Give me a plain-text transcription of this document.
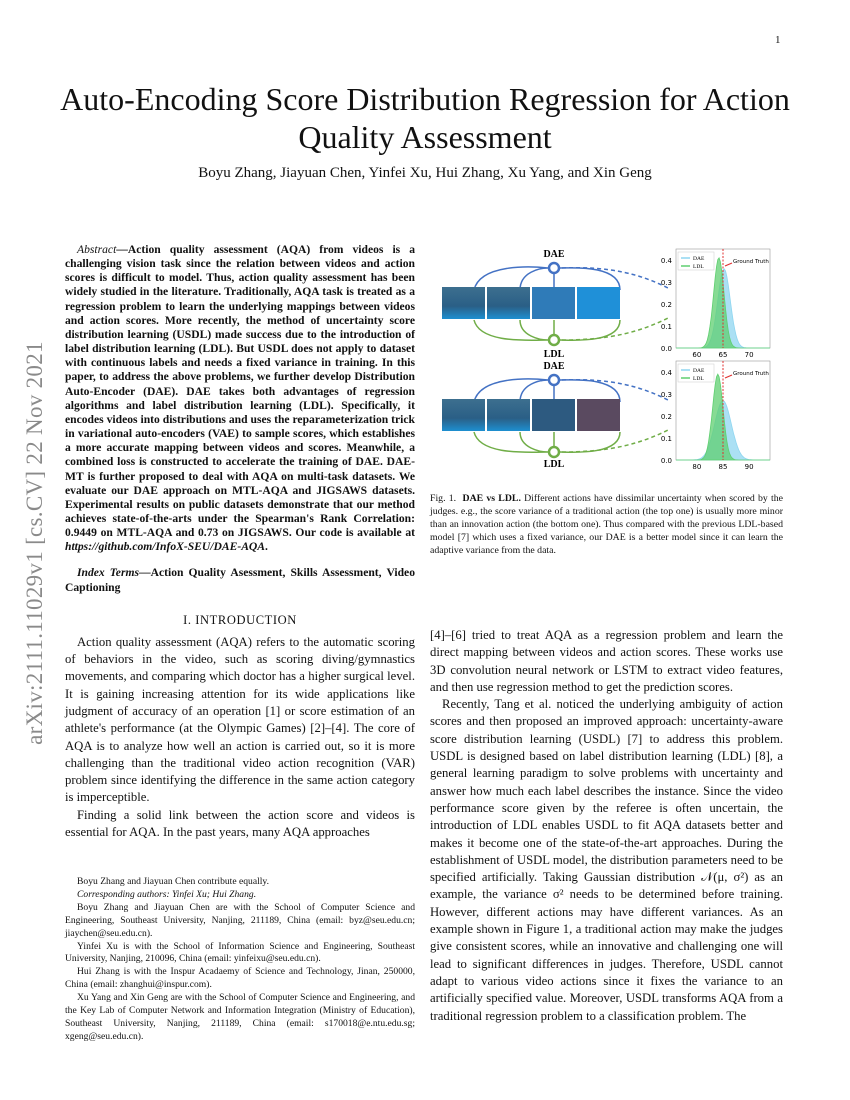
1
arXiv:2111.11029v1 [cs.CV] 22 Nov 2021
Auto-Encoding Score Distribution Regression for Action Quality Assessment
Boyu Zhang, Jiayuan Chen, Yinfei Xu, Hui Zhang, Xu Yang, and Xin Geng

Abstract—Action quality assessment (AQA) from videos is a challenging vision task since the relation between videos and action scores is difficult to model. Thus, action quality assessment has been widely studied in the literature. Traditionally, AQA task is treated as a regression problem to learn the underlying mappings between videos and action scores. More recently, the method of uncertainty score distribution learning (USDL) made success due to the introduction of label distribution learning (LDL). But USDL does not apply to dataset with continuous labels and needs a fixed variance in training. In this paper, to address the above problems, we further develop Distribution Auto-Encoder (DAE). DAE takes both advantages of regression algorithms and label distribution learning (LDL). Specifically, it encodes videos into distributions and uses the reparameterization trick in variational auto-encoders (VAE) to sample scores, which establishes a more accurate mapping between videos and scores. Meanwhile, a combined loss is constructed to accelerate the training of DAE. DAE-MT is further proposed to deal with AQA on multi-task datasets. We evaluate our DAE approach on MTL-AQA and JIGSAWS datasets. Experimental results on public datasets demonstrate that our method achieves state-of-the-arts under the Spearman's Rank Correlation: 0.9449 on MTL-AQA and 0.73 on JIGSAWS. Our code is available at https://github.com/InfoX-SEU/DAE-AQA.

Index Terms—Action Quality Asessment, Skills Assessment, Video Captioning

I. INTRODUCTION

Action quality assessment (AQA) refers to the automatic scoring of behaviors in the video, such as scoring diving/gymnastics movements, and comparing which doctor has a higher surgical level. It is gaining increasing attention for its wide applications like judgment of accuracy of an operation [1] or score estimation of an athlete's performance (at the Olympic Games) [2]–[4]. The core of AQA is to analyze how well an action is carried out, so it is more challenging than the traditional video action recognition (VAR) problem since identifying the difference in the same action category is imperceptible.

Finding a solid link between the action score and videos is essential for AQA. In the past years, many AQA approaches

Boyu Zhang and Jiayuan Chen contribute equally.

Corresponding authors: Yinfei Xu; Hui Zhang.

Boyu Zhang and Jiayuan Chen are with the School of Computer Science and Engineering, Southeast University, Nanjing, 211189, China (email: byz@seu.edu.cn; jiaychen@seu.edu.cn).

Yinfei Xu is with the School of Information Science and Engineering, Southeast University, Nanjing, 210096, China (email: yinfeixu@seu.edu.cn).

Hui Zhang is with the Inspur Acadaemy of Science and Technology, Jinan, 250000, China (email: zhanghui@inspur.com).

Xu Yang and Xin Geng are with the School of Computer Science and Engineering, and the Key Lab of Computer Network and Information Integration (Ministry of Education), Southeast University, Nanjing, 211189, China (email: s170018@e.ntu.edu.sg; xgeng@seu.edu.cn).

DAE
LDL
DAE
LDL
0.4
0.3
0.2
0.1
0.0
60 65 70
DAE
LDL
Ground Truth
0.4
0.3
0.2
0.1
0.0
80 85 90
DAE
LDL
Ground Truth

Fig. 1. DAE vs LDL. Different actions have dissimilar uncertainty when scored by the judges. e.g., the score variance of a traditional action (the top one) is usually more minor than an innovation action (the bottom one). Thus compared with the previous LDL-based model [7] which uses a fixed variance, our DAE is a better model since it can learn the adaptive variance from the data.

[4]–[6] tried to treat AQA as a regression problem and learn the direct mapping between videos and action scores. These works use 3D convolution neural network or LSTM to extract video features, and then use regression method to get the prediction scores.

Recently, Tang et al. noticed the underlying ambiguity of action scores and then proposed an improved approach: uncertainty-aware score distribution learning (USDL) [7] to address this problem. USDL is designed based on label distribution learning (LDL) [8], a general learning paradigm to solve problems with uncertainty and answer how much each label describes the instance. Since the video performance score given by the referee is often uncertain, the introduction of LDL enables USDL to fit AQA datasets better and makes it become one of the state-of-the-art approaches. During the establishment of USDL model, the distribution parameters need to be specified artificially. Taking Gaussian distribution 𝒩(μ, σ²) as an example, the variance σ² needs to be determined before training. However, different actions may have different variances. As an example shown in Figure 1, a traditional action may make the judges give consistent scores, while an innovative and challenging one will lead to significant differences in judges. Therefore, USDL cannot adapt to various video actions since it fixes the variance to an artificially specified value. Moreover, USDL transforms AQA from a traditional regression problem to a classification problem. The
